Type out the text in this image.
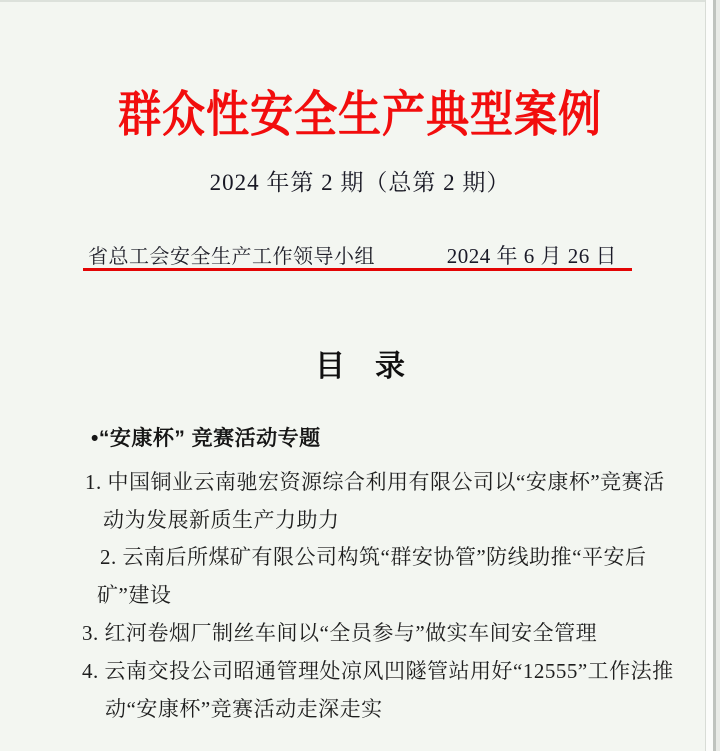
群众性安全生产典型案例
2024 年第 2 期（总第 2 期）
省总工会安全生产工作领导小组	2024 年 6 月 26 日
目　录
•“安康杯” 竞赛活动专题
1. 中国铜业云南驰宏资源综合利用有限公司以“安康杯”竞赛活
动为发展新质生产力助力
2. 云南后所煤矿有限公司构筑“群安协管”防线助推“平安后
矿”建设
3. 红河卷烟厂制丝车间以“全员参与”做实车间安全管理
4. 云南交投公司昭通管理处凉风凹隧管站用好“12555”工作法推
动“安康杯”竞赛活动走深走实
